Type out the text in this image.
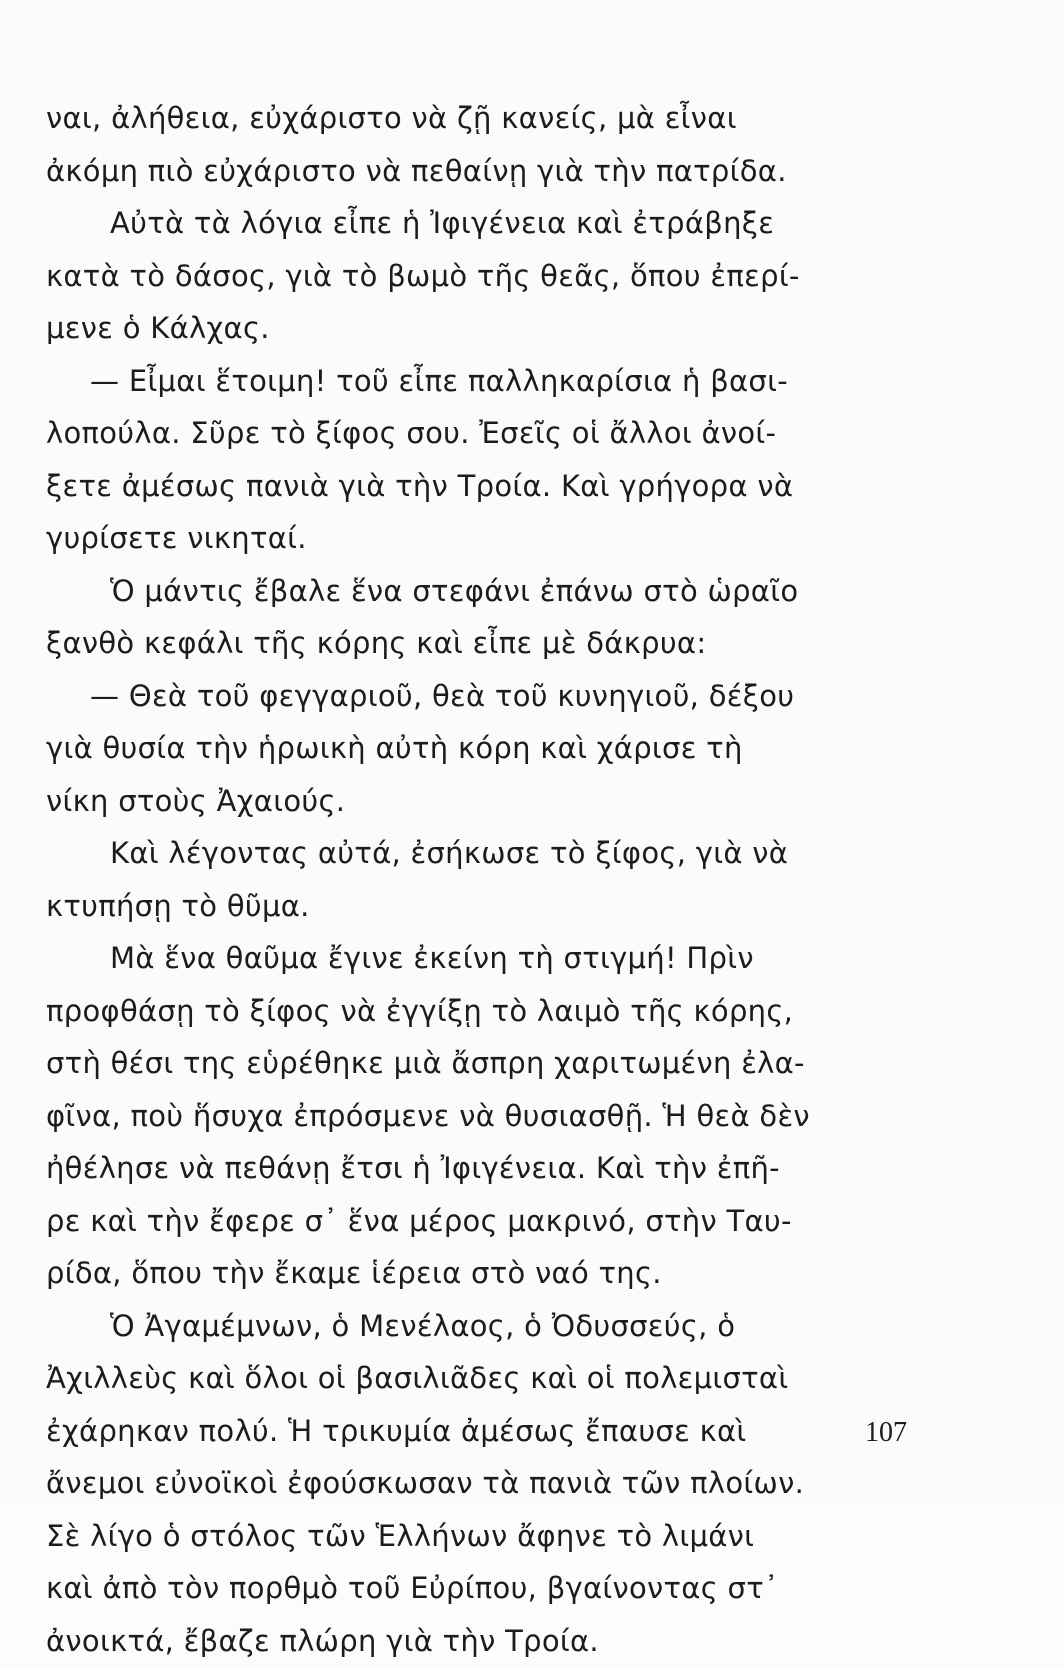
ναι, ἀλήθεια, εὐχάριστο νὰ ζῇ κανείς, μὰ εἶναι
ἀκόμη πιὸ εὐχάριστο νὰ πεθαίνῃ γιὰ τὴν πατρίδα.
Αὐτὰ τὰ λόγια εἶπε ἡ Ἰφιγένεια καὶ ἐτράβηξε
κατὰ τὸ δάσος, γιὰ τὸ βωμὸ τῆς θεᾶς, ὅπου ἐπερί-
μενε ὁ Κάλχας.
— Εἶμαι ἕτοιμη! τοῦ εἶπε παλληκαρίσια ἡ βασι-
λοπούλα. Σῦρε τὸ ξίφος σου. Ἐσεῖς οἱ ἄλλοι ἀνοί-
ξετε ἀμέσως πανιὰ γιὰ τὴν Τροία. Καὶ γρήγορα νὰ
γυρίσετε νικηταί.
Ὁ μάντις ἔβαλε ἕνα στεφάνι ἐπάνω στὸ ὡραῖο
ξανθὸ κεφάλι τῆς κόρης καὶ εἶπε μὲ δάκρυα:
— Θεὰ τοῦ φεγγαριοῦ, θεὰ τοῦ κυνηγιοῦ, δέξου
γιὰ θυσία τὴν ἡρωικὴ αὐτὴ κόρη καὶ χάρισε τὴ
νίκη στοὺς Ἀχαιούς.
Καὶ λέγοντας αὐτά, ἐσήκωσε τὸ ξίφος, γιὰ νὰ
κτυπήσῃ τὸ θῦμα.
Μὰ ἕνα θαῦμα ἔγινε ἐκείνη τὴ στιγμή! Πρὶν
προφθάσῃ τὸ ξίφος νὰ ἐγγίξῃ τὸ λαιμὸ τῆς κόρης,
στὴ θέσι της εὑρέθηκε μιὰ ἄσπρη χαριτωμένη ἐλα-
φῖνα, ποὺ ἥσυχα ἐπρόσμενε νὰ θυσιασθῇ. Ἡ θεὰ δὲν
ἠθέλησε νὰ πεθάνῃ ἔτσι ἡ Ἰφιγένεια. Καὶ τὴν ἐπῆ-
ρε καὶ τὴν ἔφερε σ᾽ ἕνα μέρος μακρινό, στὴν Ταυ-
ρίδα, ὅπου τὴν ἔκαμε ἱέρεια στὸ ναό της.
Ὁ Ἀγαμέμνων, ὁ Μενέλαος, ὁ Ὀδυσσεύς, ὁ
Ἀχιλλεὺς καὶ ὅλοι οἱ βασιλιᾶδες καὶ οἱ πολεμισταὶ
ἐχάρηκαν πολύ. Ἡ τρικυμία ἀμέσως ἔπαυσε καὶ
ἄνεμοι εὐνοϊκοὶ ἐφούσκωσαν τὰ πανιὰ τῶν πλοίων.
Σὲ λίγο ὁ στόλος τῶν Ἑλλήνων ἄφηνε τὸ λιμάνι
καὶ ἀπὸ τὸν πορθμὸ τοῦ Εὐρίπου, βγαίνοντας στ᾽
ἀνοικτά, ἔβαζε πλώρη γιὰ τὴν Τροία.
107
